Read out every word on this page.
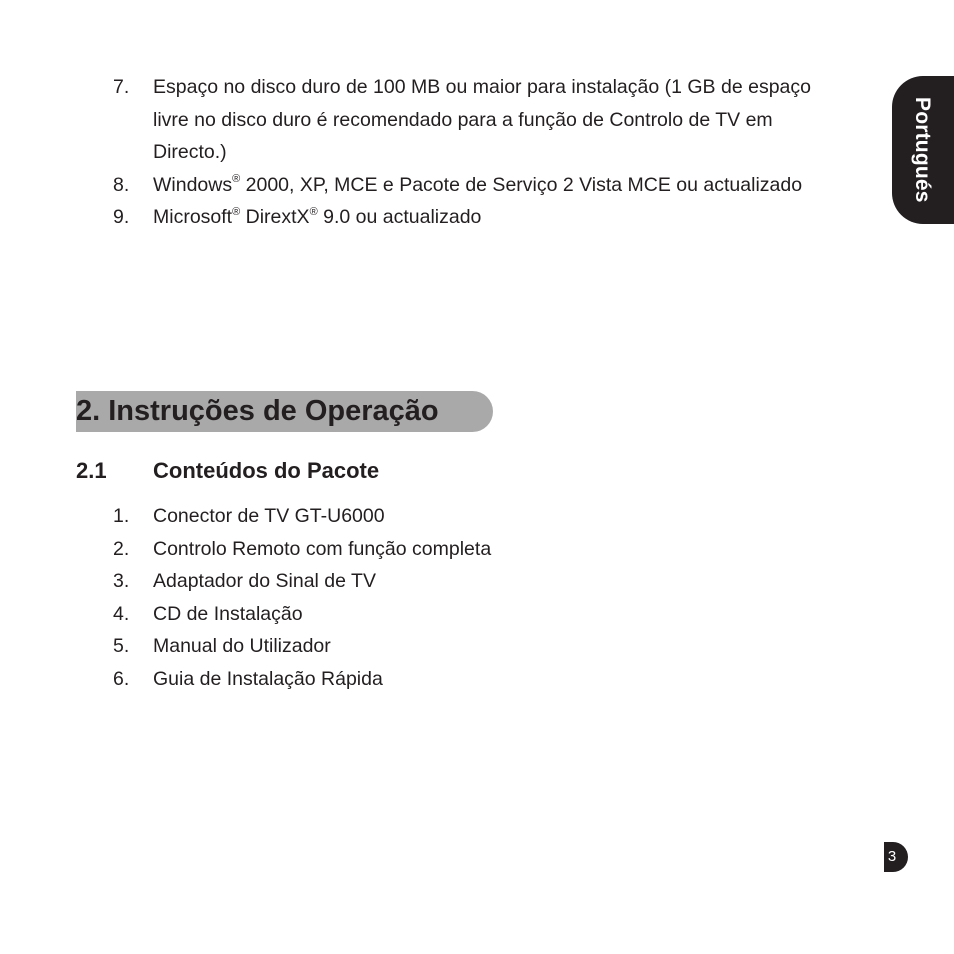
7. Espaço no disco duro de 100 MB ou maior para instalação (1 GB de espaço
livre no disco duro é recomendado para a função de Controlo de TV em
Directo.)
8. Windows® 2000, XP, MCE e Pacote de Serviço 2 Vista MCE ou actualizado
9. Microsoft® DirextX® 9.0 ou actualizado
Portugués
2. Instruções de Operação
2.1 Conteúdos do Pacote
1. Conector de TV GT-U6000
2. Controlo Remoto com função completa
3. Adaptador do Sinal de TV
4. CD de Instalação
5. Manual do Utilizador
6. Guia de Instalação Rápida
3
